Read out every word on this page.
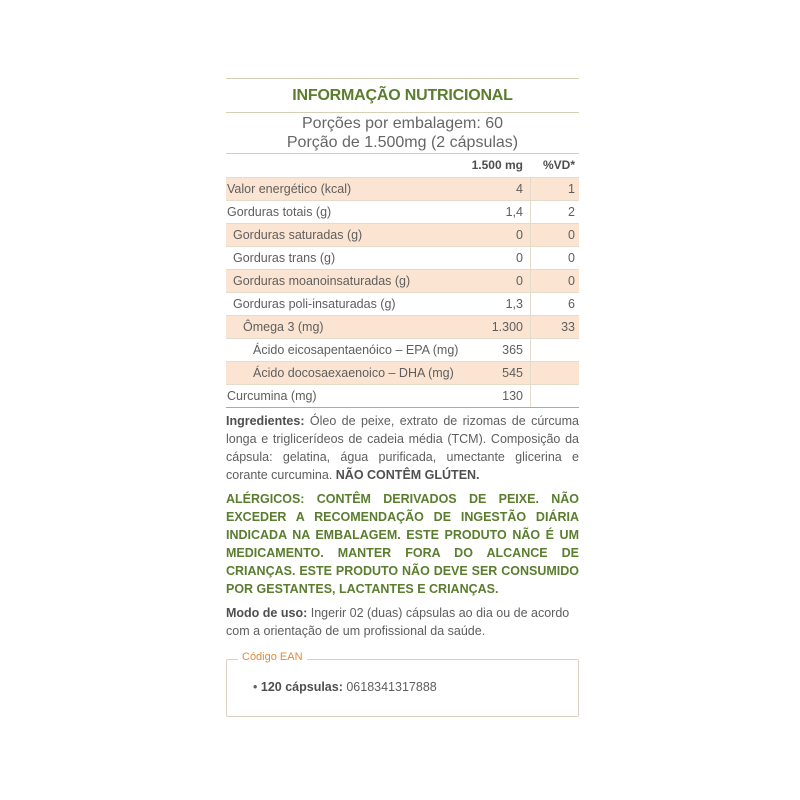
INFORMAÇÃO NUTRICIONAL
Porções por embalagem: 60
Porção de 1.500mg (2 cápsulas)
1.500 mg	%VD*
Valor energético (kcal)	4	1
Gorduras totais (g)	1,4	2
Gorduras saturadas (g)	0	0
Gorduras trans (g)	0	0
Gorduras moanoinsaturadas (g)	0	0
Gorduras poli-insaturadas (g)	1,3	6
Ômega 3 (mg)	1.300	33
Ácido eicosapentaenóico – EPA (mg)	365
Ácido docosaexaenoico – DHA (mg)	545
Curcumina (mg)	130
Ingredientes: Óleo de peixe, extrato de rizomas de cúrcuma longa e triglicerídeos de cadeia média (TCM). Composição da cápsula: gelatina, água purificada, umectante glicerina e corante curcumina. NÃO CONTÊM GLÚTEN.
ALÉRGICOS: CONTÊM DERIVADOS DE PEIXE. NÃO EXCEDER A RECOMENDAÇÃO DE INGESTÃO DIÁRIA INDICADA NA EMBALAGEM. ESTE PRODUTO NÃO É UM MEDICAMENTO. MANTER FORA DO ALCANCE DE CRIANÇAS. ESTE PRODUTO NÃO DEVE SER CONSUMIDO POR GESTANTES, LACTANTES E CRIANÇAS.
Modo de uso: Ingerir 02 (duas) cápsulas ao dia ou de acordo com a orientação de um profissional da saúde.
Código EAN
• 120 cápsulas: 0618341317888
